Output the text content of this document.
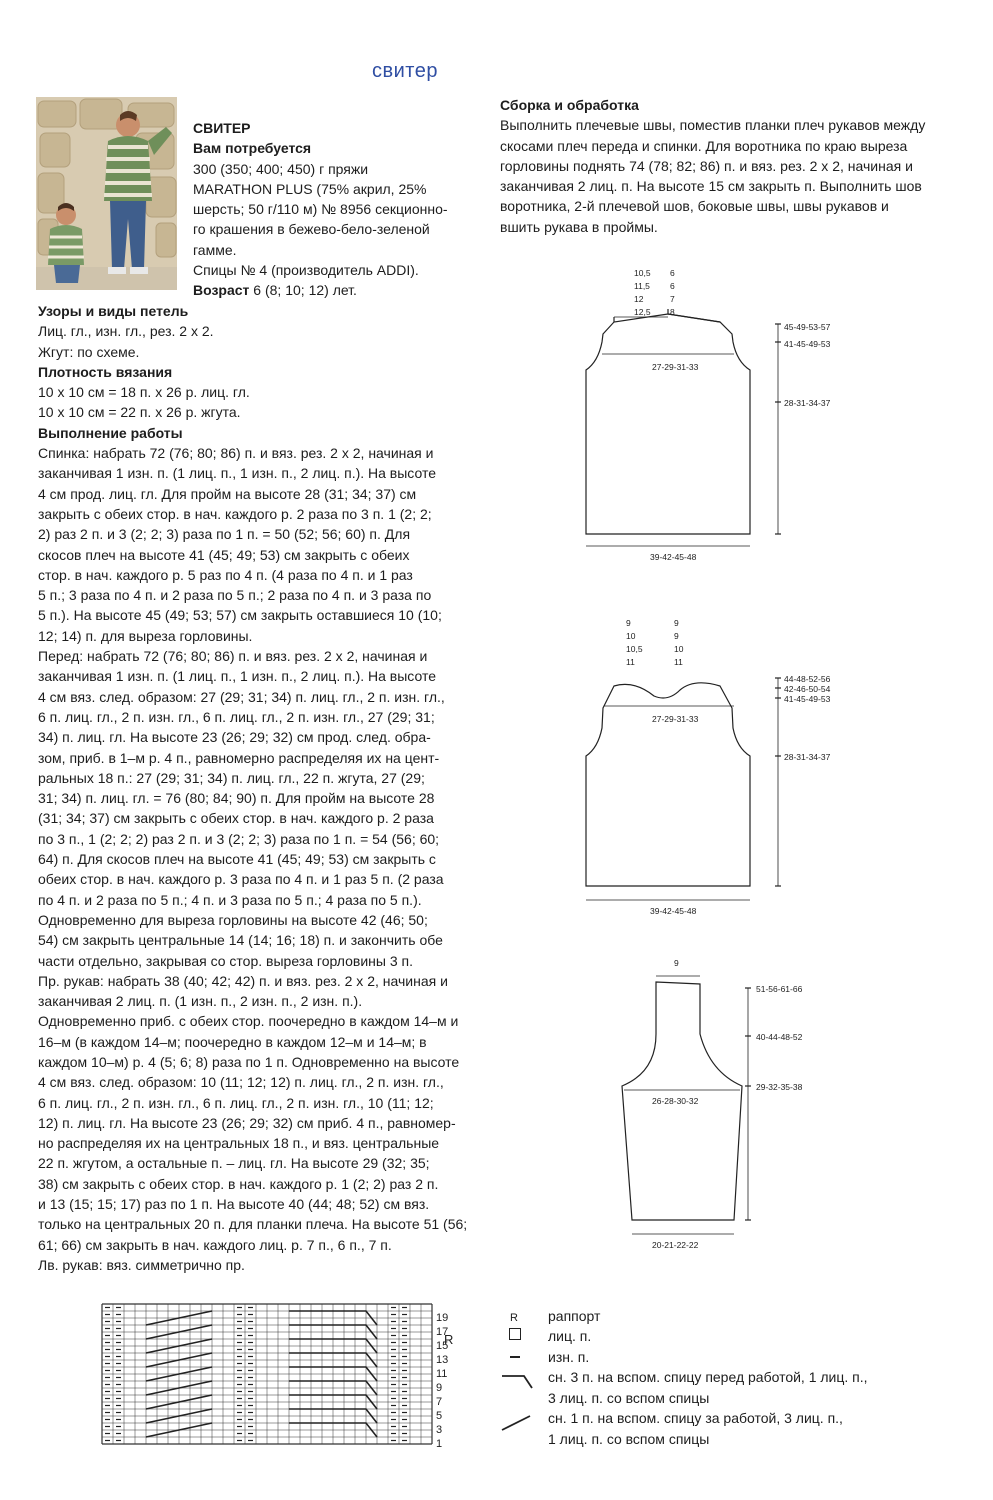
свитер
СВИТЕР
Вам потребуется
300 (350; 400; 450) г пряжи
MARATHON PLUS (75% акрил, 25%
шерсть; 50 г/110 м) № 8956 секционно-
го крашения в бежево-бело-зеленой
гамме.
Спицы № 4 (производитель ADDI).
Возраст 6 (8; 10; 12) лет.
Узоры и виды петель
Лиц. гл., изн. гл., рез. 2 х 2.
Жгут: по схеме.
Плотность вязания
10 х 10 см = 18 п. х 26 р. лиц. гл.
10 х 10 см = 22 п. х 26 р. жгута.
Выполнение работы
Спинка: набрать 72 (76; 80; 86) п. и вяз. рез. 2 х 2, начиная и
заканчивая 1 изн. п. (1 лиц. п., 1 изн. п., 2 лиц. п.). На высоте
4 см прод. лиц. гл. Для пройм на высоте 28 (31; 34; 37) см
закрыть с обеих стор. в нач. каждого р. 2 раза по 3 п. 1 (2; 2;
2) раз 2 п. и 3 (2; 2; 3) раза по 1 п. = 50 (52; 56; 60) п. Для
скосов плеч на высоте 41 (45; 49; 53) см закрыть с обеих
стор. в нач. каждого р. 5 раз по 4 п. (4 раза по 4 п. и 1 раз
5 п.; 3 раза по 4 п. и 2 раза по 5 п.; 2 раза по 4 п. и 3 раза по
5 п.). На высоте 45 (49; 53; 57) см закрыть оставшиеся 10 (10;
12; 14) п. для выреза горловины.
Перед: набрать 72 (76; 80; 86) п. и вяз. рез. 2 х 2, начиная и
заканчивая 1 изн. п. (1 лиц. п., 1 изн. п., 2 лиц. п.). На высоте
4 см вяз. след. образом: 27 (29; 31; 34) п. лиц. гл., 2 п. изн. гл.,
6 п. лиц. гл., 2 п. изн. гл., 6 п. лиц. гл., 2 п. изн. гл., 27 (29; 31;
34) п. лиц. гл. На высоте 23 (26; 29; 32) см прод. след. обра-
зом, приб. в 1–м р. 4 п., равномерно распределяя их на цент-
ральных 18 п.: 27 (29; 31; 34) п. лиц. гл., 22 п. жгута, 27 (29;
31; 34) п. лиц. гл. = 76 (80; 84; 90) п. Для пройм на высоте 28
(31; 34; 37) см закрыть с обеих стор. в нач. каждого р. 2 раза
по 3 п., 1 (2; 2; 2) раз 2 п. и 3 (2; 2; 3) раза по 1 п. = 54 (56; 60;
64) п. Для скосов плеч на высоте 41 (45; 49; 53) см закрыть с
обеих стор. в нач. каждого р. 3 раза по 4 п. и 1 раз 5 п. (2 раза
по 4 п. и 2 раза по 5 п.; 4 п. и 3 раза по 5 п.; 4 раза по 5 п.).
Одновременно для выреза горловины на высоте 42 (46; 50;
54) см закрыть центральные 14 (14; 16; 18) п. и закончить обе
части отдельно, закрывая со стор. выреза горловины 3 п.
Пр. рукав: набрать 38 (40; 42; 42) п. и вяз. рез. 2 х 2, начиная и
заканчивая 2 лиц. п. (1 изн. п., 2 изн. п., 2 изн. п.).
Одновременно приб. с обеих стор. поочередно в каждом 14–м и
16–м (в каждом 14–м; поочередно в каждом 12–м и 14–м; в
каждом 10–м) р. 4 (5; 6; 8) раза по 1 п. Одновременно на высоте
4 см вяз. след. образом: 10 (11; 12; 12) п. лиц. гл., 2 п. изн. гл.,
6 п. лиц. гл., 2 п. изн. гл., 6 п. лиц. гл., 2 п. изн. гл., 10 (11; 12;
12) п. лиц. гл. На высоте 23 (26; 29; 32) см приб. 4 п., равномер-
но распределяя их на центральных 18 п., и вяз. центральные
22 п. жгутом, а остальные п. – лиц. гл. На высоте 29 (32; 35;
38) см закрыть с обеих стор. в нач. каждого р. 1 (2; 2) раз 2 п.
и 13 (15; 15; 17) раз по 1 п. На высоте 40 (44; 48; 52) см вяз.
только на центральных 20 п. для планки плеча. На высоте 51 (56;
61; 66) см закрыть в нач. каждого лиц. р. 7 п., 6 п., 7 п.
Лв. рукав: вяз. симметрично пр.
Сборка и обработка
Выполнить плечевые швы, поместив планки плеч рукавов между
скосами плеч переда и спинки. Для воротника по краю выреза
горловины поднять 74 (78; 82; 86) п. и вяз. рез. 2 х 2, начиная и
заканчивая 2 лиц. п. На высоте 15 см закрыть п. Выполнить шов
воротника, 2-й плечевой шов, боковые швы, швы рукавов и
вшить рукава в проймы.
10,5
11,5
12
12,5
6
6
7
8
27-29-31-33
45-49-53-57
41-45-49-53
28-31-34-37
39-42-45-48
9
10
10,5
11
9
9
10
11
27-29-31-33
44-48-52-56
42-46-50-54
41-45-49-53
28-31-34-37
39-42-45-48
9
51-56-61-66
40-44-48-52
29-32-35-38
26-28-30-32
20-21-22-22
19
17
15
13
11
9
7
5
3
1
R
R раппорт
лиц. п.
изн. п.
сн. 3 п. на вспом. спицу перед работой, 1 лиц. п.,
3 лиц. п. со вспом спицы
сн. 1 п. на вспом. спицу за работой, 3 лиц. п.,
1 лиц. п. со вспом спицы
